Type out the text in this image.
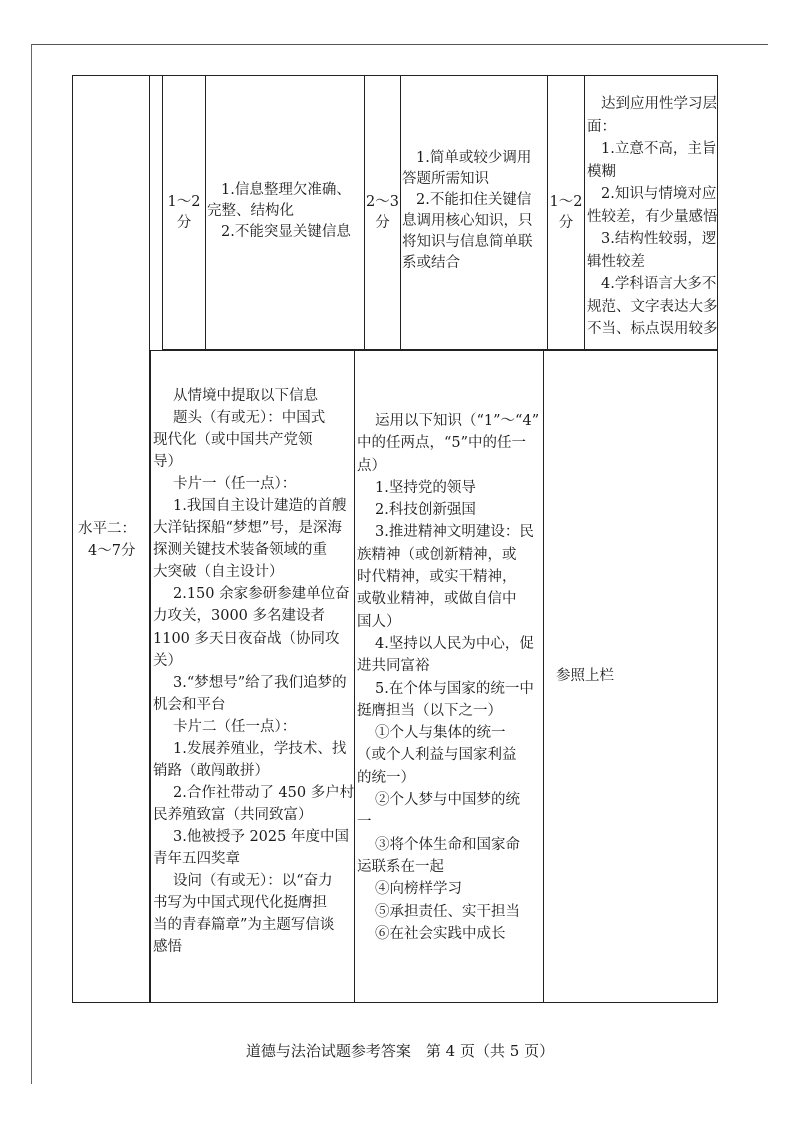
1～2
分
1.信息整理欠准确、
完整、结构化
2.不能突显关键信息
2～3
分
1.简单或较少调用
答题所需知识
2.不能扣住关键信
息调用核心知识，只
将知识与信息简单联
系或结合
1～2
分
达到应用性学习层
面：
1.立意不高，主旨
模糊
2.知识与情境对应
性较差，有少量感悟
3.结构性较弱，逻
辑性较差
4.学科语言大多不
规范、文字表达大多
不当、标点误用较多
水平二：
4～7分
从情境中提取以下信息
题头（有或无）：中国式
现代化（或中国共产党领
导）
卡片一（任一点）：
1.我国自主设计建造的首艘
大洋钻探船“梦想”号，是深海
探测关键技术装备领域的重
大突破（自主设计）
2.150 余家参研参建单位奋
力攻关，3000 多名建设者
1100 多天日夜奋战（协同攻
关）
3.“梦想号”给了我们追梦的
机会和平台
卡片二（任一点）：
1.发展养殖业，学技术、找
销路（敢闯敢拼）
2.合作社带动了 450 多户村
民养殖致富（共同致富）
3.他被授予 2025 年度中国
青年五四奖章
设问（有或无）：以“奋力
书写为中国式现代化挺膺担
当的青春篇章”为主题写信谈
感悟
运用以下知识（“1”～“4”
中的任两点，“5”中的任一
点）
1.坚持党的领导
2.科技创新强国
3.推进精神文明建设：民
族精神（或创新精神，或
时代精神，或实干精神，
或敬业精神，或做自信中
国人）
4.坚持以人民为中心，促
进共同富裕
5.在个体与国家的统一中
挺膺担当（以下之一）
①个人与集体的统一
（或个人利益与国家利益
的统一）
②个人梦与中国梦的统
一
③将个体生命和国家命
运联系在一起
④向榜样学习
⑤承担责任、实干担当
⑥在社会实践中成长
参照上栏
道德与法治试题参考答案　第 4 页（共 5 页）
